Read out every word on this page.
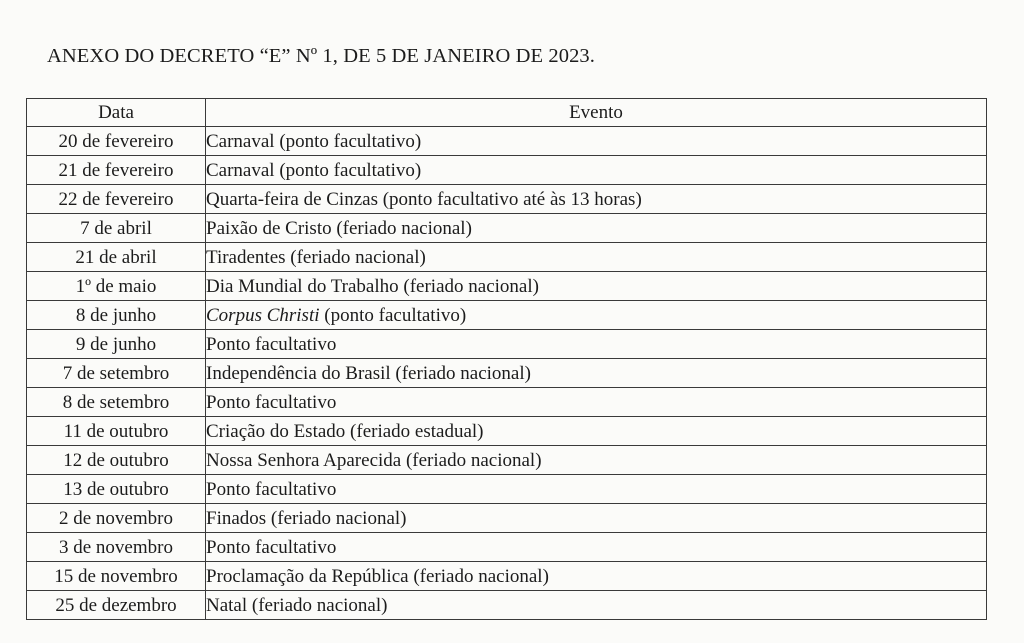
ANEXO DO DECRETO “E” Nº 1, DE 5 DE JANEIRO DE 2023.
Data	Evento
20 de fevereiro	Carnaval (ponto facultativo)
21 de fevereiro	Carnaval (ponto facultativo)
22 de fevereiro	Quarta-feira de Cinzas (ponto facultativo até às 13 horas)
7 de abril	Paixão de Cristo (feriado nacional)
21 de abril	Tiradentes (feriado nacional)
1º de maio	Dia Mundial do Trabalho (feriado nacional)
8 de junho	Corpus Christi (ponto facultativo)
9 de junho	Ponto facultativo
7 de setembro	Independência do Brasil (feriado nacional)
8 de setembro	Ponto facultativo
11 de outubro	Criação do Estado (feriado estadual)
12 de outubro	Nossa Senhora Aparecida (feriado nacional)
13 de outubro	Ponto facultativo
2 de novembro	Finados (feriado nacional)
3 de novembro	Ponto facultativo
15 de novembro	Proclamação da República (feriado nacional)
25 de dezembro	Natal (feriado nacional)
